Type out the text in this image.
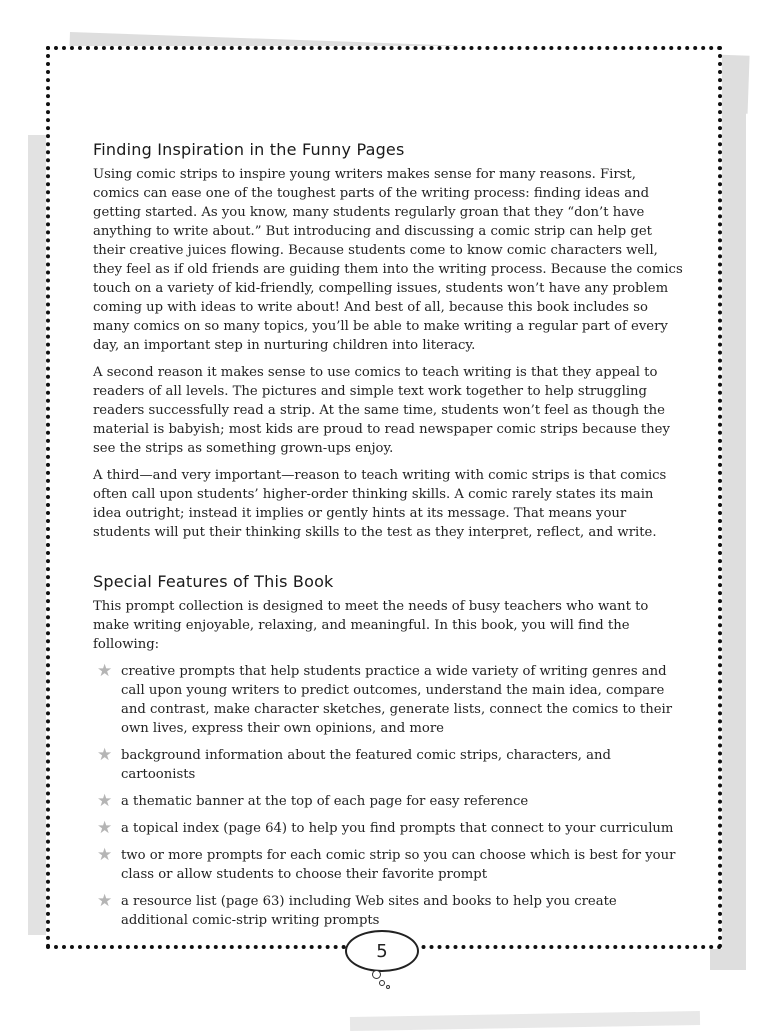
Finding Inspiration in the Funny Pages

Using comic strips to inspire young writers makes sense for many reasons. First, comics can ease one of the toughest parts of the writing process: finding ideas and getting started. As you know, many students regularly groan that they “don’t have anything to write about.” But introducing and discussing a comic strip can help get their creative juices flowing. Because students come to know comic characters well, they feel as if old friends are guiding them into the writing process. Because the comics touch on a variety of kid-friendly, compelling issues, students won’t have any problem coming up with ideas to write about! And best of all, because this book includes so many comics on so many topics, you’ll be able to make writing a regular part of every day, an important step in nurturing children into literacy.

A second reason it makes sense to use comics to teach writing is that they appeal to readers of all levels. The pictures and simple text work together to help struggling readers successfully read a strip. At the same time, students won’t feel as though the material is babyish; most kids are proud to read newspaper comic strips because they see the strips as something grown-ups enjoy.

A third—and very important—reason to teach writing with comic strips is that comics often call upon students’ higher-order thinking skills. A comic rarely states its main idea outright; instead it implies or gently hints at its message. That means your students will put their thinking skills to the test as they interpret, reflect, and write.

Special Features of This Book

This prompt collection is designed to meet the needs of busy teachers who want to make writing enjoyable, relaxing, and meaningful. In this book, you will find the following:

★ creative prompts that help students practice a wide variety of writing genres and call upon young writers to predict outcomes, understand the main idea, compare and contrast, make character sketches, generate lists, connect the comics to their own lives, express their own opinions, and more
★ background information about the featured comic strips, characters, and cartoonists
★ a thematic banner at the top of each page for easy reference
★ a topical index (page 64) to help you find prompts that connect to your curriculum
★ two or more prompts for each comic strip so you can choose which is best for your class or allow students to choose their favorite prompt
★ a resource list (page 63) including Web sites and books to help you create additional comic-strip writing prompts
5
